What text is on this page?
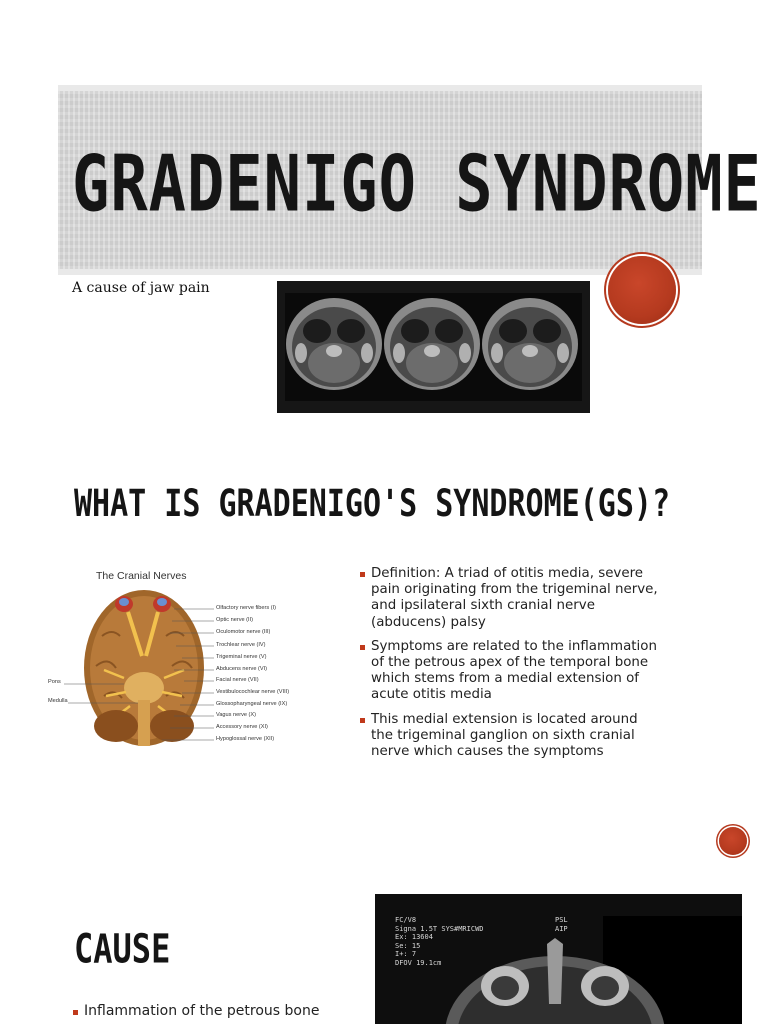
GRADENIGO SYNDROME
A cause of jaw pain
WHAT IS GRADENIGO'S SYNDROME(GS)?
The Cranial Nerves
Pons
Medulla
Olfactory nerve fibers (I)
Optic nerve (II)
Oculomotor nerve (III)
Trochlear nerve (IV)
Trigeminal nerve (V)
Abducens nerve (VI)
Facial nerve (VII)
Vestibulocochlear nerve (VIII)
Glossopharyngeal nerve (IX)
Vagus nerve (X)
Accessory nerve (XI)
Hypoglossal nerve (XII)
Definition: A triad of otitis media, severe pain originating from the trigeminal nerve, and ipsilateral sixth cranial nerve (abducens) palsy
Symptoms are related to the inflammation of the petrous apex of the temporal bone which stems from a medial extension of acute otitis media
This medial extension is located around the trigeminal ganglion on sixth cranial nerve which causes the symptoms
CAUSE
Inflammation of the petrous bone
FC/V8
Signa 1.5T SYS#MRICWD
Ex: 13604
Se: 15
I+: 7
DFOV 19.1cm
PSL
AIP
